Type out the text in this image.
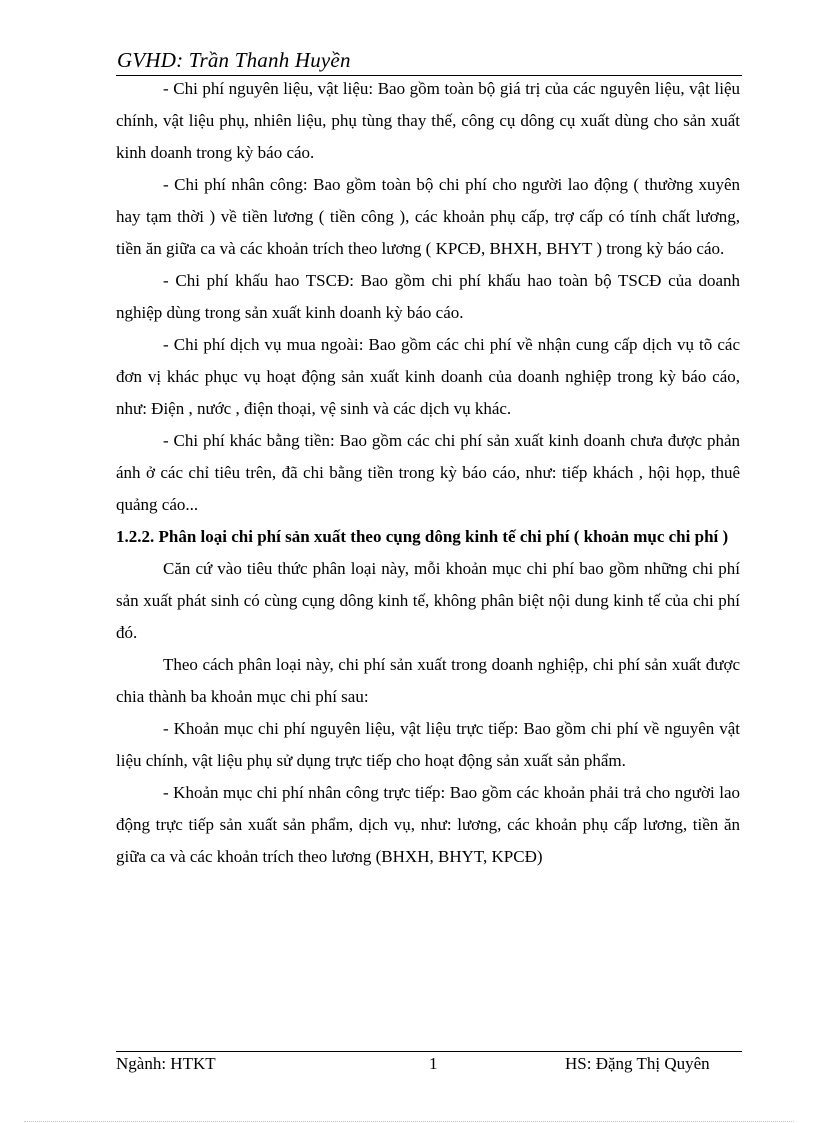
GVHD: Trần Thanh Huyền

- Chi phí nguyên liệu, vật liệu: Bao gồm toàn bộ giá trị của các nguyên liệu, vật liệu chính, vật liệu phụ, nhiên liệu, phụ tùng thay thế, công cụ dông cụ xuất dùng cho sản xuất kinh doanh trong kỳ báo cáo.

- Chi phí nhân công: Bao gồm toàn bộ chi phí cho người lao động ( thường xuyên hay tạm thời ) về tiền lương ( tiền công ), các khoản phụ cấp, trợ cấp có tính chất lương, tiền ăn giữa ca và các khoản trích theo lương ( KPCĐ, BHXH, BHYT ) trong kỳ báo cáo.

- Chi phí khấu hao TSCĐ: Bao gồm chi phí khấu hao toàn bộ TSCĐ của doanh nghiệp dùng trong sản xuất kinh doanh kỳ báo cáo.

- Chi phí dịch vụ mua ngoài: Bao gồm các chi phí về nhận cung cấp dịch vụ tõ các đơn vị khác phục vụ hoạt động sản xuất kinh doanh của doanh nghiệp trong kỳ báo cáo, như: Điện , nước , điện thoại, vệ sinh và các dịch vụ khác.

- Chi phí khác bằng tiền: Bao gồm các chi phí sản xuất kinh doanh chưa được phản ánh ở các chỉ tiêu trên, đã chi bằng tiền trong kỳ báo cáo, như: tiếp khách , hội họp, thuê quảng cáo...

1.2.2. Phân loại chi phí sản xuất theo cụng dông kinh tế chi phí ( khoản mục chi phí )

Căn cứ vào tiêu thức phân loại này, mỗi khoản mục chi phí bao gồm những chi phí sản xuất phát sinh có cùng cụng dông kinh tế, không phân biệt nội dung kinh tế của chi phí đó.

Theo cách phân loại này, chi phí sản xuất trong doanh nghiệp, chi phí sản xuất được chia thành ba khoản mục chi phí sau:

- Khoản mục chi phí nguyên liệu, vật liệu trực tiếp: Bao gồm chi phí về nguyên vật liệu chính, vật liệu phụ sử dụng trực tiếp cho hoạt động sản xuất sản phẩm.

- Khoản mục chi phí nhân công trực tiếp: Bao gồm các khoản phải trả cho người lao động trực tiếp sản xuất sản phẩm, dịch vụ, như: lương, các khoản phụ cấp lương, tiền ăn giữa ca và các khoản trích theo lương (BHXH, BHYT, KPCĐ)

Ngành: HTKT	1	HS: Đặng Thị Quyên
